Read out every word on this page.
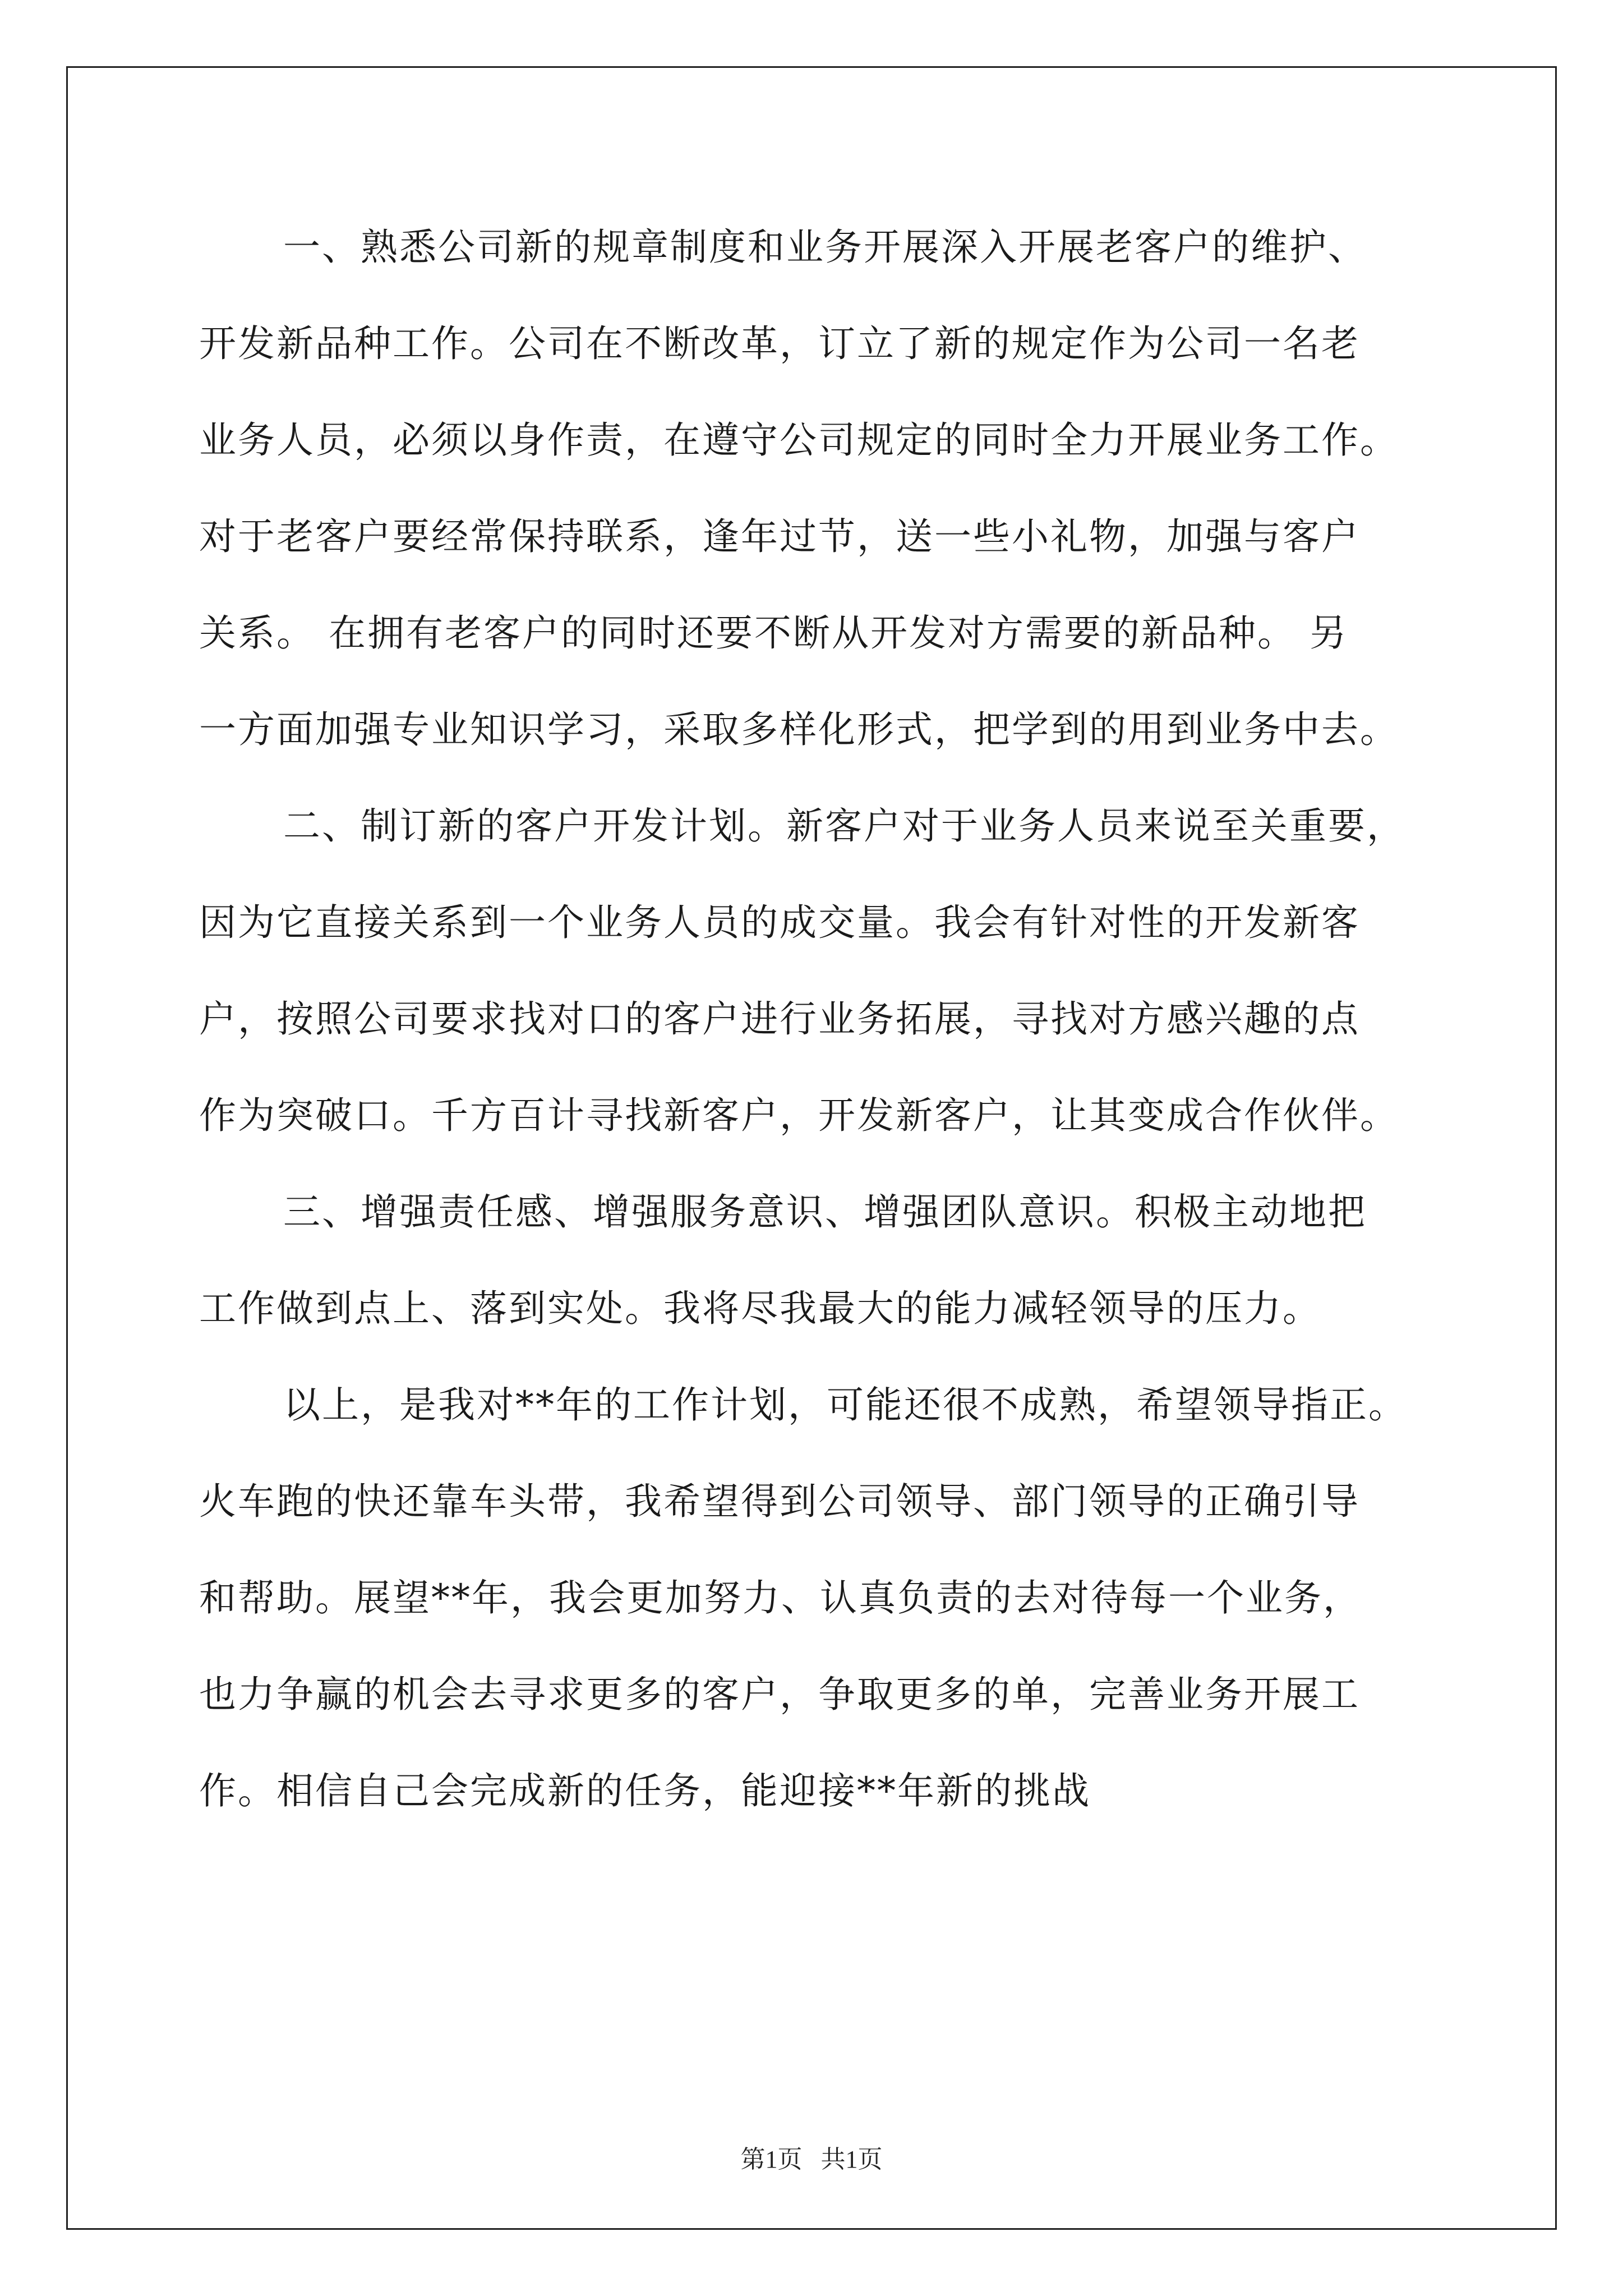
一、熟悉公司新的规章制度和业务开展深入开展老客户的维护、
开发新品种工作。公司在不断改革，订立了新的规定作为公司一名老
业务人员，必须以身作责，在遵守公司规定的同时全力开展业务工作。
对于老客户要经常保持联系，逢年过节，送一些小礼物，加强与客户
关系。 在拥有老客户的同时还要不断从开发对方需要的新品种。 另
一方面加强专业知识学习，采取多样化形式，把学到的用到业务中去。
二、制订新的客户开发计划。新客户对于业务人员来说至关重要，
因为它直接关系到一个业务人员的成交量。我会有针对性的开发新客
户，按照公司要求找对口的客户进行业务拓展，寻找对方感兴趣的点
作为突破口。千方百计寻找新客户，开发新客户，让其变成合作伙伴。
三、增强责任感、增强服务意识、增强团队意识。积极主动地把
工作做到点上、落到实处。我将尽我最大的能力减轻领导的压力。
以上，是我对**年的工作计划，可能还很不成熟，希望领导指正。
火车跑的快还靠车头带，我希望得到公司领导、部门领导的正确引导
和帮助。展望**年，我会更加努力、认真负责的去对待每一个业务，
也力争赢的机会去寻求更多的客户，争取更多的单，完善业务开展工
作。相信自己会完成新的任务，能迎接**年新的挑战
第1页   共1页
